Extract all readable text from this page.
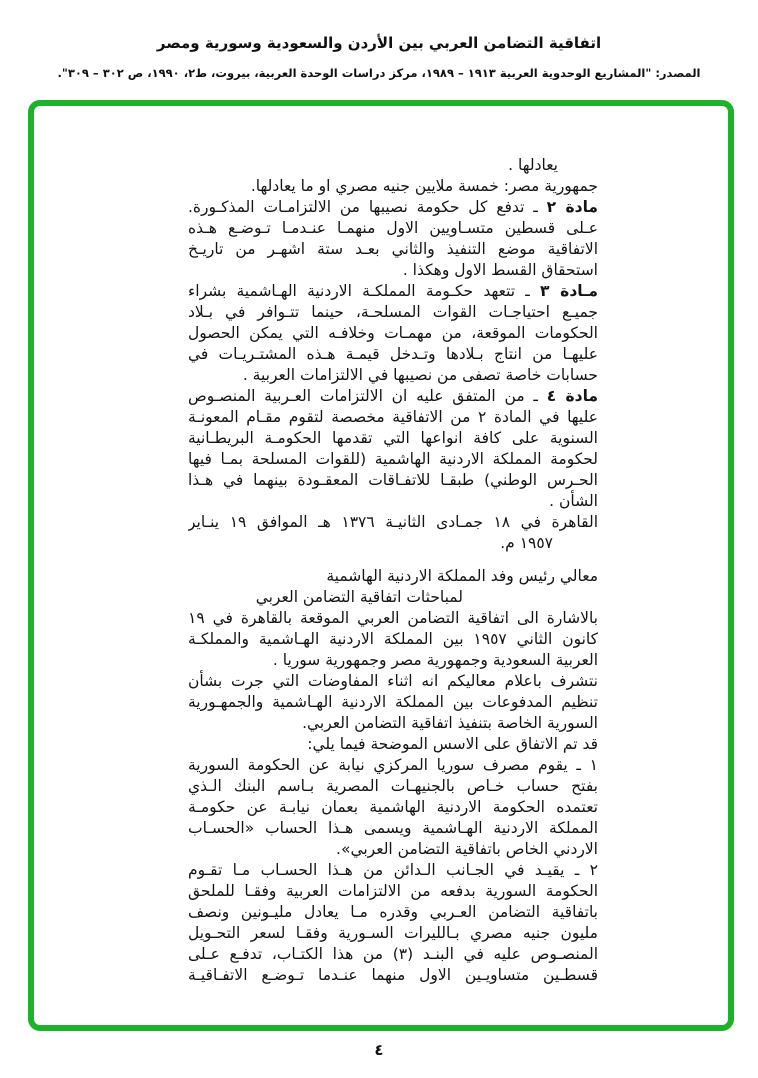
اتفاقية التضامن العربي بين الأردن والسعودية وسورية ومصر
المصدر: "المشاريع الوحدوية العربية ١٩١٣ – ١٩٨٩، مركز دراسات الوحدة العربية، بيروت، ط٢، ١٩٩٠، ص ٣٠٢ – ٣٠٩".
يعادلها .
جمهورية مصر: خمسة ملايين جنيه مصري او ما يعادلها.
مادة ٢ ـ تدفع كل حكومة نصيبها من الالتزامـات المذكـورة.
عـلى قسطين متسـاويين الاول منهمـا عنـدمـا تـوضـع هـذه
الاتفاقية موضع التنفيذ والثاني بعـد ستة اشهـر من تاريـخ
استحقاق القسط الاول وهكذا .
مـادة ٣ ـ تتعهد حكـومة المملكـة الاردنية الهـاشمية بشراء
جميـع احتياجـات القوات المسلحـة، حينما تتـوافر في بـلاد
الحكومات الموقعة، من مهمـات وخلافـه التي يمكن الحصول
عليهـا من انتاج بـلادها وتـدخل قيمـة هـذه المشتـريـات في
حسابات خاصة تصفى من نصيبها في الالتزامات العربية .
مادة ٤ ـ من المتفق عليه ان الالتزامات العـربية المنصـوص
عليها في المادة ٢ من الاتفاقية مخصصة لتقوم مقـام المعونـة
السنوية على كافة انواعها التي تقدمها الحكومـة البريطـانية
لحكومة المملكة الاردنية الهاشمية (للقوات المسلحة بمـا فيها
الحـرس الوطني) طبقـا للاتفـاقات المعقـودة بينهما في هـذا
الشأن .
القاهرة في ١٨ جمـادى الثانيـة ١٣٧٦ هـ الموافق ١٩ ينـاير
١٩٥٧ م.
معالي رئيس وفد المملكة الاردنية الهاشمية
لمباحثات اتفاقية التضامن العربي
بالاشارة الى اتفاقية التضامن العربي الموقعة بالقاهرة في ١٩
كانون الثاني ١٩٥٧ بين المملكة الاردنية الهـاشمية والمملكـة
العربية السعودية وجمهورية مصر وجمهورية سوريا .
نتشرف باعلام معاليكم انه اثناء المفاوضات التي جرت بشأن
تنظيم المدفوعات بين المملكة الاردنية الهـاشمية والجمهـورية
السورية الخاصة بتنفيذ اتفاقية التضامن العربي.
قد تم الاتفاق على الاسس الموضحة فيما يلي:
١ ـ يقوم مصرف سوريا المركزي نيابة عن الحكومة السورية
بفتح حساب خـاص بالجنيهـات المصرية بـاسم البنك الـذي
تعتمده الحكومة الاردنية الهاشمية بعمان نيابـة عن حكومـة
المملكة الاردنية الهـاشمية ويسمى هـذا الحساب «الحسـاب
الاردني الخاص باتفاقية التضامن العربي».
٢ ـ يقيـد في الجـانب الـدائن من هـذا الحسـاب مـا تقـوم
الحكومة السورية بدفعه من الالتزامات العربية وفقـا للملحق
باتفاقية التضامن العـربي وقدره مـا يعادل مليـونين ونصف
مليون جنيه مصري بـالليرات السـورية وفقـا لسعر التحـويل
المنصـوص عليه في البنـد (٣) من هذا الكتـاب، تدفـع عـلى
قسطـين متساويـين الاول منهما عنـدما تـوضـع الاتفـاقيـة
٤
